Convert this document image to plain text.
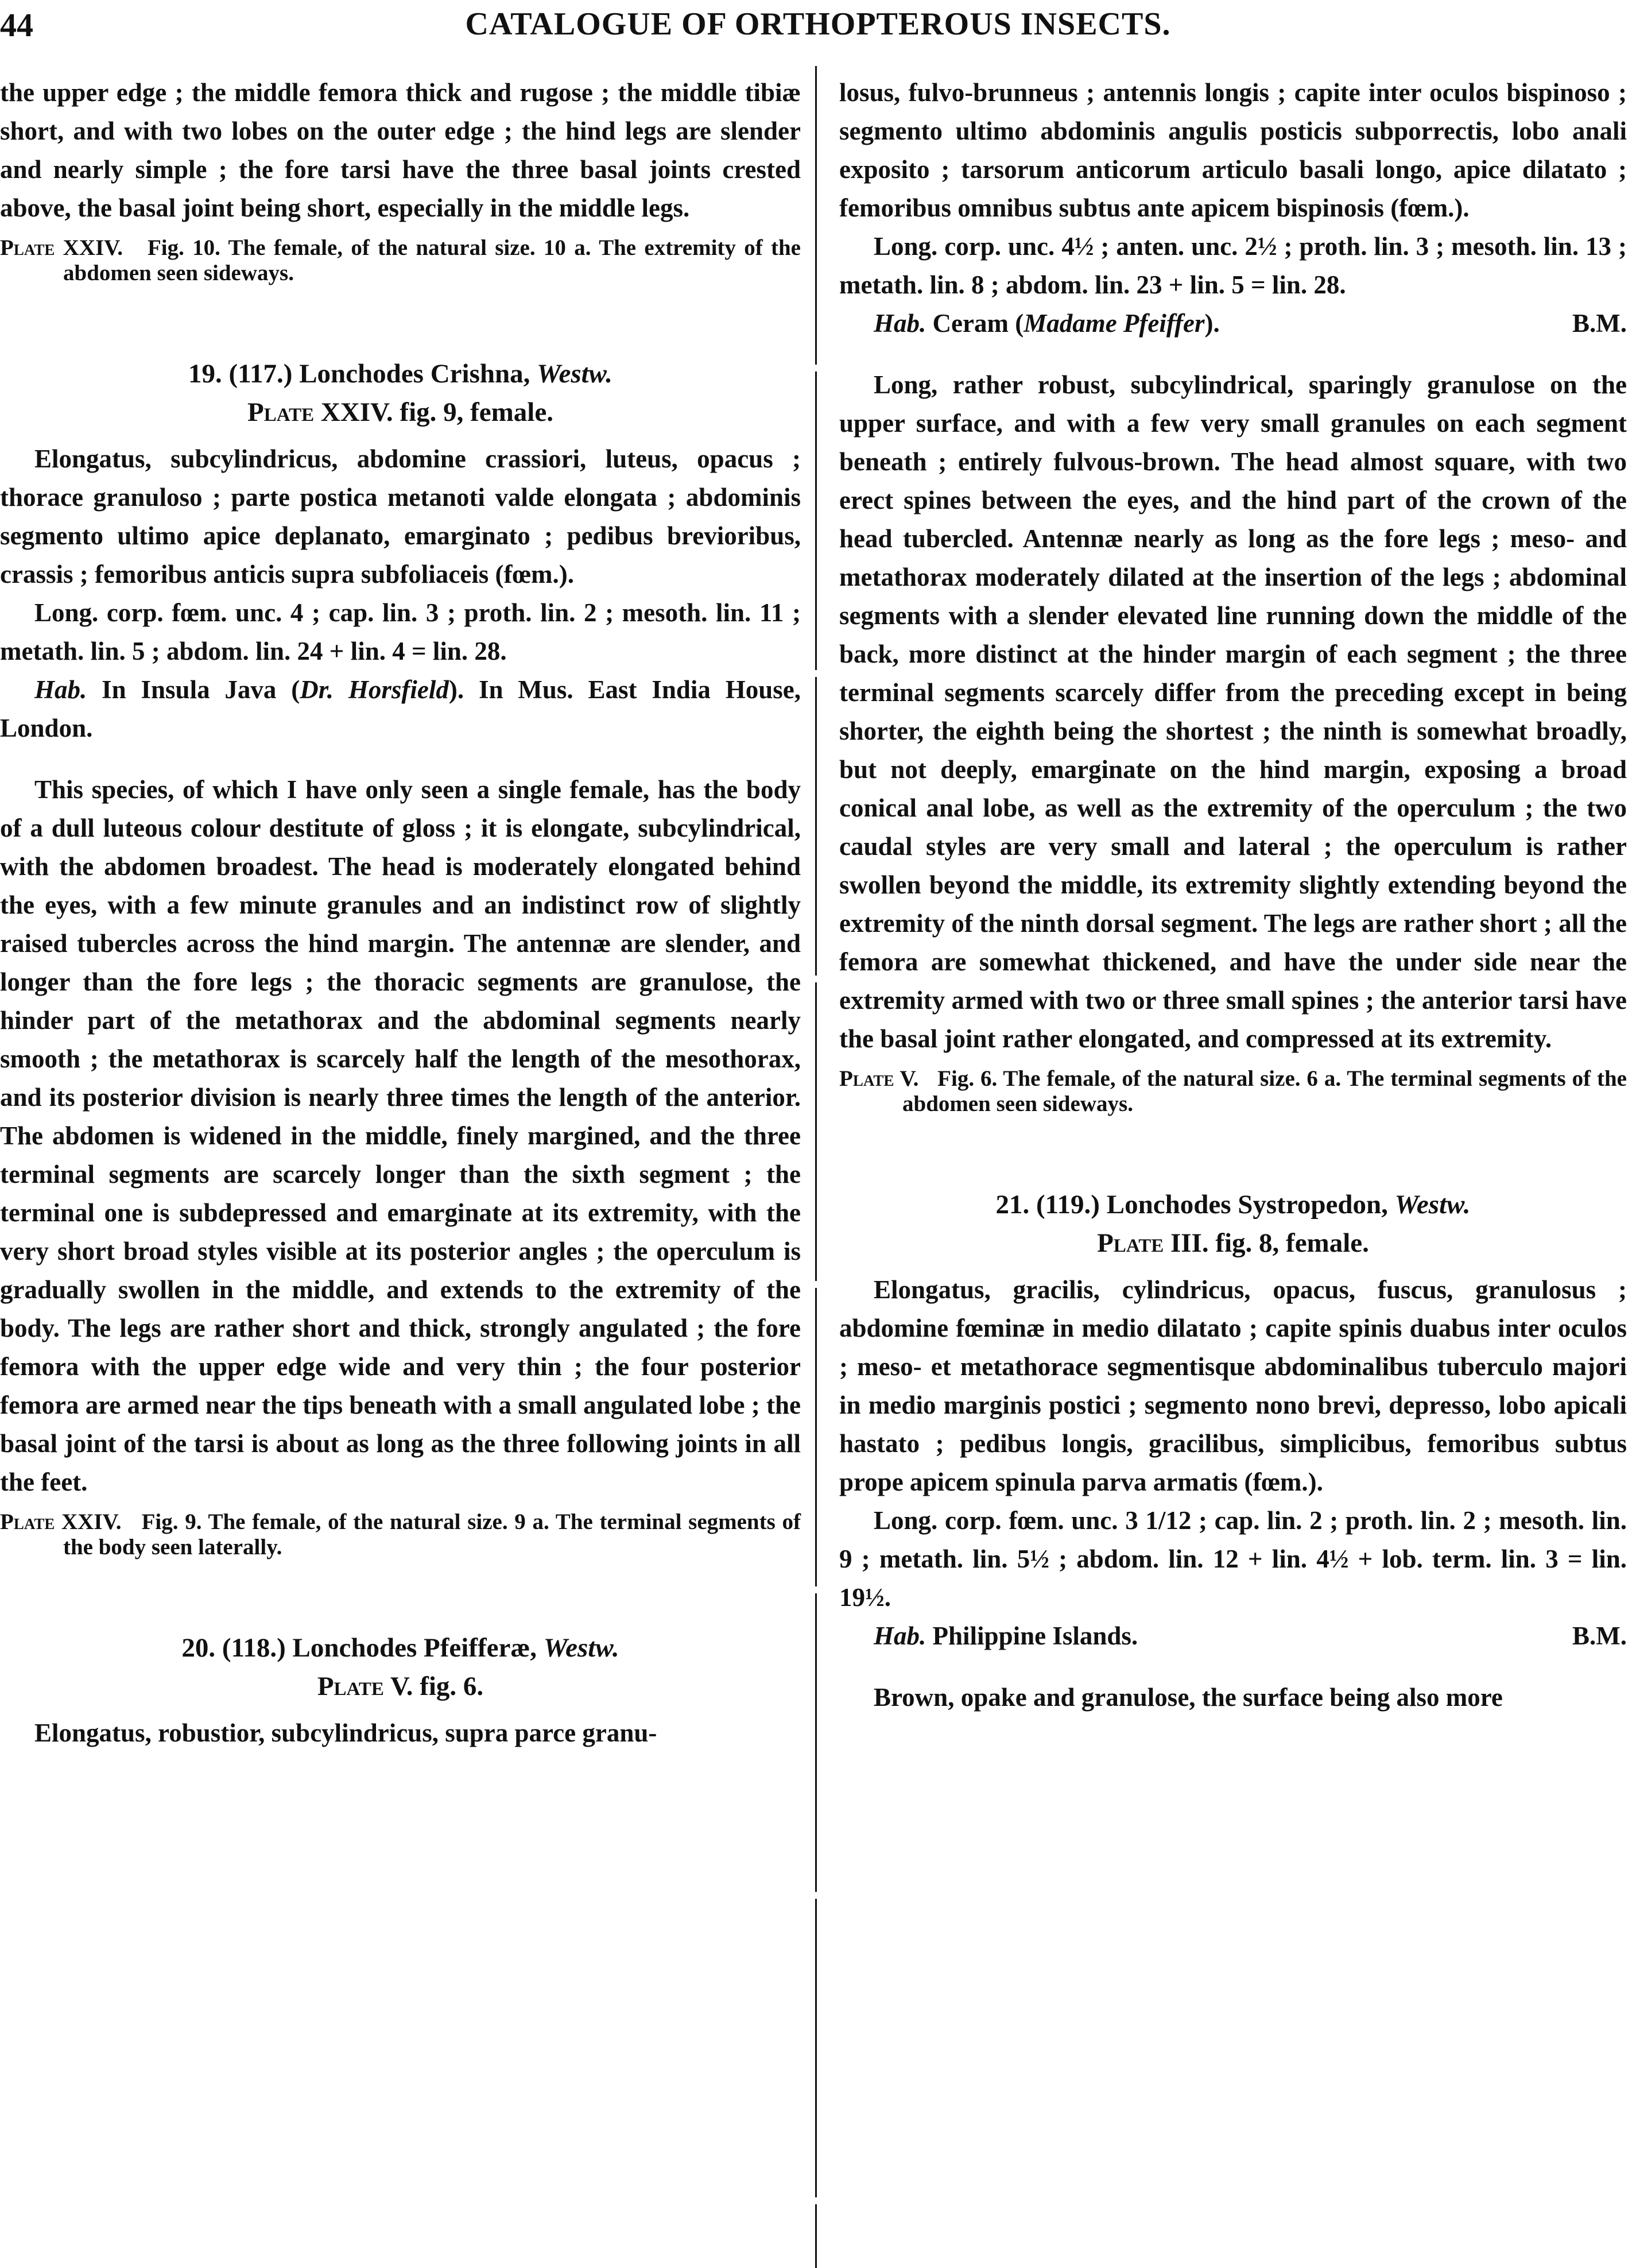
44	CATALOGUE OF ORTHOPTEROUS INSECTS.

the upper edge ; the middle femora thick and rugose ; the middle tibiæ short, and with two lobes on the outer edge ; the hind legs are slender and nearly simple ; the fore tarsi have the three basal joints crested above, the basal joint being short, especially in the middle legs.

Plate XXIV. Fig. 10. The female, of the natural size. 10 a. The extremity of the abdomen seen sideways.

19. (117.) Lonchodes Crishna, Westw.

Plate XXIV. fig. 9, female.

Elongatus, subcylindricus, abdomine crassiori, luteus, opacus ; thorace granuloso ; parte postica metanoti valde elongata ; abdominis segmento ultimo apice deplanato, emarginato ; pedibus brevioribus, crassis ; femoribus anticis supra subfoliaceis (fœm.).

Long. corp. fœm. unc. 4 ; cap. lin. 3 ; proth. lin. 2 ; mesoth. lin. 11 ; metath. lin. 5 ; abdom. lin. 24 + lin. 4 = lin. 28.

Hab. In Insula Java (Dr. Horsfield). In Mus. East India House, London.

This species, of which I have only seen a single female, has the body of a dull luteous colour destitute of gloss ; it is elongate, subcylindrical, with the abdomen broadest. The head is moderately elongated behind the eyes, with a few minute granules and an indistinct row of slightly raised tubercles across the hind margin. The antennæ are slender, and longer than the fore legs ; the thoracic segments are granulose, the hinder part of the metathorax and the abdominal segments nearly smooth ; the metathorax is scarcely half the length of the mesothorax, and its posterior division is nearly three times the length of the anterior. The abdomen is widened in the middle, finely margined, and the three terminal segments are scarcely longer than the sixth segment ; the terminal one is subdepressed and emarginate at its extremity, with the very short broad styles visible at its posterior angles ; the operculum is gradually swollen in the middle, and extends to the extremity of the body. The legs are rather short and thick, strongly angulated ; the fore femora with the upper edge wide and very thin ; the four posterior femora are armed near the tips beneath with a small angulated lobe ; the basal joint of the tarsi is about as long as the three following joints in all the feet.

Plate XXIV. Fig. 9. The female, of the natural size. 9 a. The terminal segments of the body seen laterally.

20. (118.) Lonchodes Pfeifferæ, Westw.

Plate V. fig. 6.

Elongatus, robustior, subcylindricus, supra parce granu-

losus, fulvo-brunneus ; antennis longis ; capite inter oculos bispinoso ; segmento ultimo abdominis angulis posticis subporrectis, lobo anali exposito ; tarsorum anticorum articulo basali longo, apice dilatato ; femoribus omnibus subtus ante apicem bispinosis (fœm.).

Long. corp. unc. 4½ ; anten. unc. 2½ ; proth. lin. 3 ; mesoth. lin. 13 ; metath. lin. 8 ; abdom. lin. 23 + lin. 5 = lin. 28.

Hab. Ceram (Madame Pfeiffer).	B.M.

Long, rather robust, subcylindrical, sparingly granulose on the upper surface, and with a few very small granules on each segment beneath ; entirely fulvous-brown. The head almost square, with two erect spines between the eyes, and the hind part of the crown of the head tubercled. Antennæ nearly as long as the fore legs ; meso- and metathorax moderately dilated at the insertion of the legs ; abdominal segments with a slender elevated line running down the middle of the back, more distinct at the hinder margin of each segment ; the three terminal segments scarcely differ from the preceding except in being shorter, the eighth being the shortest ; the ninth is somewhat broadly, but not deeply, emarginate on the hind margin, exposing a broad conical anal lobe, as well as the extremity of the operculum ; the two caudal styles are very small and lateral ; the operculum is rather swollen beyond the middle, its extremity slightly extending beyond the extremity of the ninth dorsal segment. The legs are rather short ; all the femora are somewhat thickened, and have the under side near the extremity armed with two or three small spines ; the anterior tarsi have the basal joint rather elongated, and compressed at its extremity.

Plate V. Fig. 6. The female, of the natural size. 6 a. The terminal segments of the abdomen seen sideways.

21. (119.) Lonchodes Systropedon, Westw.

Plate III. fig. 8, female.

Elongatus, gracilis, cylindricus, opacus, fuscus, granulosus ; abdomine fœminæ in medio dilatato ; capite spinis duabus inter oculos ; meso- et metathorace segmentisque abdominalibus tuberculo majori in medio marginis postici ; segmento nono brevi, depresso, lobo apicali hastato ; pedibus longis, gracilibus, simplicibus, femoribus subtus prope apicem spinula parva armatis (fœm.).

Long. corp. fœm. unc. 3 1/12 ; cap. lin. 2 ; proth. lin. 2 ; mesoth. lin. 9 ; metath. lin. 5½ ; abdom. lin. 12 + lin. 4½ + lob. term. lin. 3 = lin. 19½.

Hab. Philippine Islands.	B.M.

Brown, opake and granulose, the surface being also more
